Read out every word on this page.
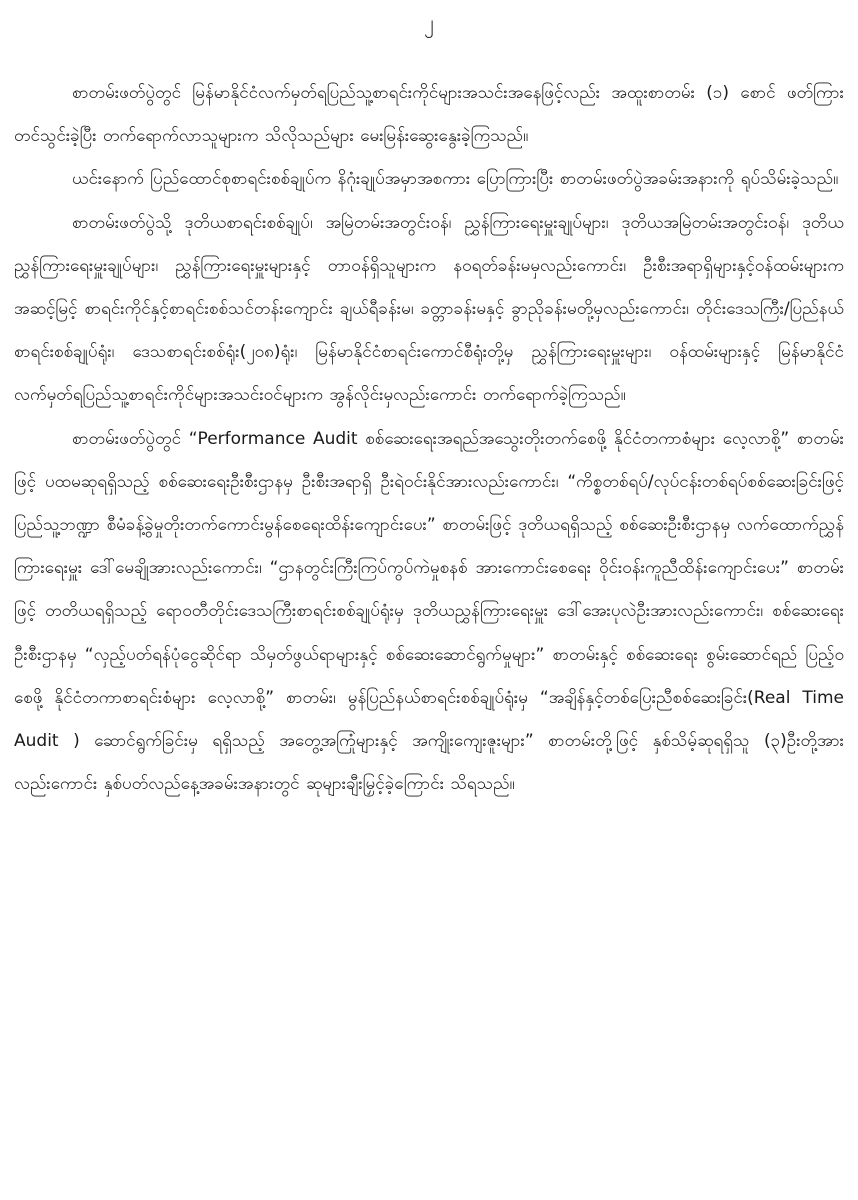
၂

စာတမ်းဖတ်ပွဲတွင် မြန်မာနိုင်ငံလက်မှတ်ရပြည်သူ့စာရင်းကိုင်များအသင်းအနေဖြင့်လည်း အထူးစာတမ်း (၁) စောင် ဖတ်ကြားတင်သွင်းခဲ့ပြီး တက်ရောက်လာသူများက သိလိုသည်များ မေးမြန်းဆွေးနွေးခဲ့ကြသည်။

ယင်းနောက် ပြည်ထောင်စုစာရင်းစစ်ချုပ်က နိဂုံးချုပ်အမှာအစကား ပြောကြားပြီး စာတမ်းဖတ်ပွဲအခမ်းအနားကို ရုပ်သိမ်းခဲ့သည်။

စာတမ်းဖတ်ပွဲသို့ ဒုတိယစာရင်းစစ်ချုပ်၊ အမြဲတမ်းအတွင်းဝန်၊ ညွှန်ကြားရေးမှူးချုပ်များ၊ ဒုတိယအမြဲတမ်းအတွင်းဝန်၊ ဒုတိယညွှန်ကြားရေးမှူးချုပ်များ၊ ညွှန်ကြားရေးမှူးများနှင့် တာဝန်ရှိသူများက နဝရတ်ခန်းမမှလည်းကောင်း၊ ဦးစီးအရာရှိများနှင့်ဝန်ထမ်းများက အဆင့်မြင့် စာရင်းကိုင်နှင့်စာရင်းစစ်သင်တန်းကျောင်း ချယ်ရီခန်းမ၊ ခတ္တာခန်းမနှင့် ခွာညိုခန်းမတို့မှလည်းကောင်း၊ တိုင်းဒေသကြီး/ပြည်နယ်စာရင်းစစ်ချုပ်ရုံး၊ ဒေသစာရင်းစစ်ရုံး(၂၀၈)ရုံး၊ မြန်မာနိုင်ငံစာရင်းကောင်စီရုံးတို့မှ ညွှန်ကြားရေးမှူးများ၊ ဝန်ထမ်းများနှင့် မြန်မာနိုင်ငံလက်မှတ်ရပြည်သူ့စာရင်းကိုင်များအသင်းဝင်များက အွန်လိုင်းမှလည်းကောင်း တက်ရောက်ခဲ့ကြသည်။

စာတမ်းဖတ်ပွဲတွင် “Performance Audit စစ်ဆေးရေးအရည်အသွေးတိုးတက်စေဖို့ နိုင်ငံတကာစံများ လေ့လာစို့” စာတမ်းဖြင့် ပထမဆုရရှိသည့် စစ်ဆေးရေးဦးစီးဌာနမှ ဦးစီးအရာရှိ ဦးရဲဝင်းနိုင်အားလည်းကောင်း၊ “ကိစ္စတစ်ရပ်/လုပ်ငန်းတစ်ရပ်စစ်ဆေးခြင်းဖြင့် ပြည်သူ့ဘဏ္ဍာ စီမံခန့်ခွဲမှုတိုးတက်ကောင်းမွန်စေရေးထိန်းကျောင်းပေး” စာတမ်းဖြင့် ဒုတိယရရှိသည့် စစ်ဆေးဦးစီးဌာနမှ လက်ထောက်ညွှန်ကြားရေးမှူး ဒေါ်မေချိုအားလည်းကောင်း၊ “ဌာနတွင်းကြီးကြပ်ကွပ်ကဲမှုစနစ် အားကောင်းစေရေး ဝိုင်းဝန်းကူညီထိန်းကျောင်းပေး” စာတမ်းဖြင့် တတိယရရှိသည့် ရောဝတီတိုင်းဒေသကြီးစာရင်းစစ်ချုပ်ရုံးမှ ဒုတိယညွှန်ကြားရေးမှူး ဒေါ်အေးပုလဲဦးအားလည်းကောင်း၊ စစ်ဆေးရေးဦးစီးဌာနမှ “လှည့်ပတ်ရန်ပုံငွေဆိုင်ရာ သိမှတ်ဖွယ်ရာများနှင့် စစ်ဆေးဆောင်ရွက်မှုများ” စာတမ်းနှင့် စစ်ဆေးရေး စွမ်းဆောင်ရည် ပြည့်ဝစေဖို့ နိုင်ငံတကာစာရင်းစံများ လေ့လာစို့” စာတမ်း၊ မွန်ပြည်နယ်စာရင်းစစ်ချုပ်ရုံးမှ “အချိန်နှင့်တစ်ပြေးညီစစ်ဆေးခြင်း(Real Time Audit ) ဆောင်ရွက်ခြင်းမှ ရရှိသည့် အတွေ့အကြုံများနှင့် အကျိုးကျေးဇူးများ” စာတမ်းတို့ဖြင့် နှစ်သိမ့်ဆုရရှိသူ (၃)ဦးတို့အားလည်းကောင်း နှစ်ပတ်လည်နေ့အခမ်းအနားတွင် ဆုများချီးမြှင့်ခဲ့ကြောင်း သိရသည်။
